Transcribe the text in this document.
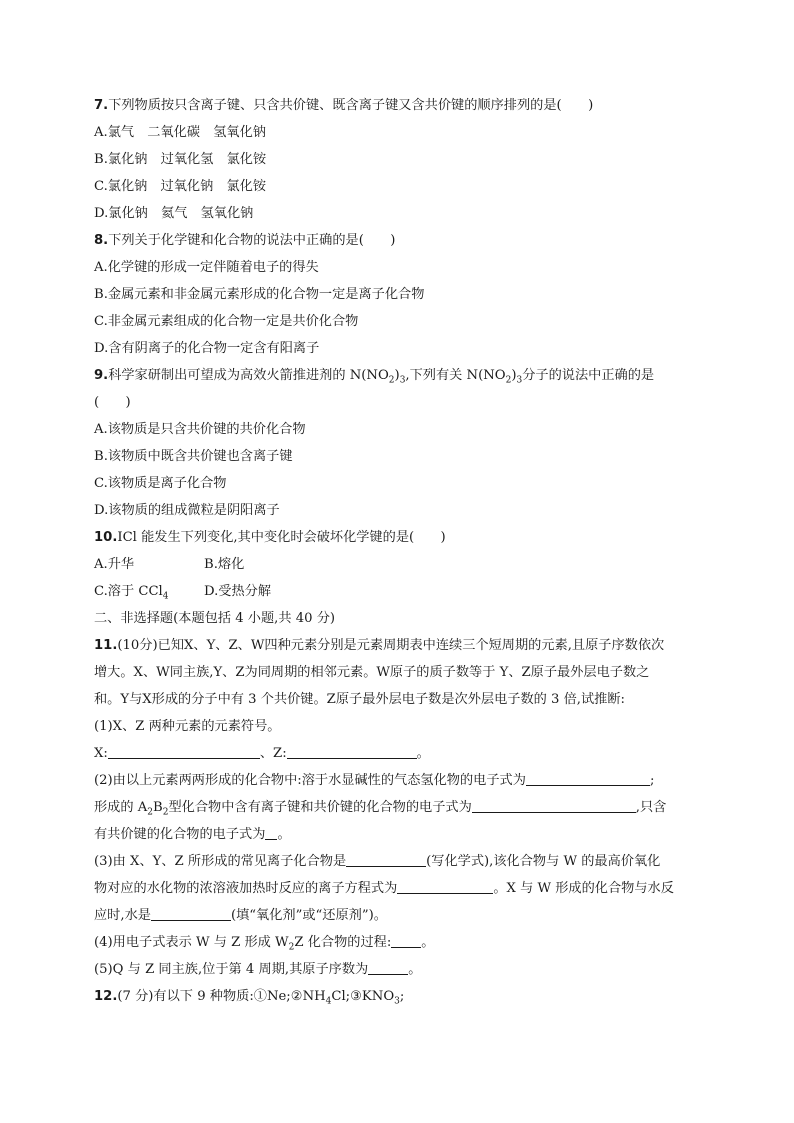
7.下列物质按只含离子键、只含共价键、既含离子键又含共价键的顺序排列的是(　　)
A.氯气　二氧化碳　氢氧化钠
B.氯化钠　过氧化氢　氯化铵
C.氯化钠　过氧化钠　氯化铵
D.氯化钠　氦气　氢氧化钠
8.下列关于化学键和化合物的说法中正确的是(　　)
A.化学键的形成一定伴随着电子的得失
B.金属元素和非金属元素形成的化合物一定是离子化合物
C.非金属元素组成的化合物一定是共价化合物
D.含有阴离子的化合物一定含有阳离子
9.科学家研制出可望成为高效火箭推进剂的 $N(NO_2)_3$,下列有关 $N(NO_2)_3$分子的说法中正确的是
(　　)
A.该物质是只含共价键的共价化合物
B.该物质中既含共价键也含离子键
C.该物质是离子化合物
D.该物质的组成微粒是阴阳离子
10.ICl 能发生下列变化,其中变化时会破坏化学键的是(　　)
A.升华	B.熔化
C.溶于 CCl$_4$	D.受热分解
二、非选择题(本题包括 4 小题,共 40 分)
11.(10分)已知X、Y、Z、W四种元素分别是元素周期表中连续三个短周期的元素,且原子序数依次
增大。X、W同主族,Y、Z为同周期的相邻元素。W原子的质子数等于 Y、Z原子最外层电子数之
和。Y与X形成的分子中有 3 个共价键。Z原子最外层电子数是次外层电子数的 3 倍,试推断:
(1)X、Z 两种元素的元素符号。
X:	、Z:	。
(2)由以上元素两两形成的化合物中:溶于水显碱性的气态氢化物的电子式为	;
形成的 $A_2B_2$型化合物中含有离子键和共价键的化合物的电子式为	,只含
有共价键的化合物的电子式为 。
(3)由 X、Y、Z 所形成的常见离子化合物是	(写化学式),该化合物与 W 的最高价氧化
物对应的水化物的浓溶液加热时反应的离子方程式为	。X 与 W 形成的化合物与水反
应时,水是	(填“氧化剂”或“还原剂”)。
(4)用电子式表示 W 与 Z 形成 $W_2Z$ 化合物的过程: 。
(5)Q 与 Z 同主族,位于第 4 周期,其原子序数为	。
12.(7 分)有以下 9 种物质$:①Ne;②NH_4Cl;③KNO_3$;
